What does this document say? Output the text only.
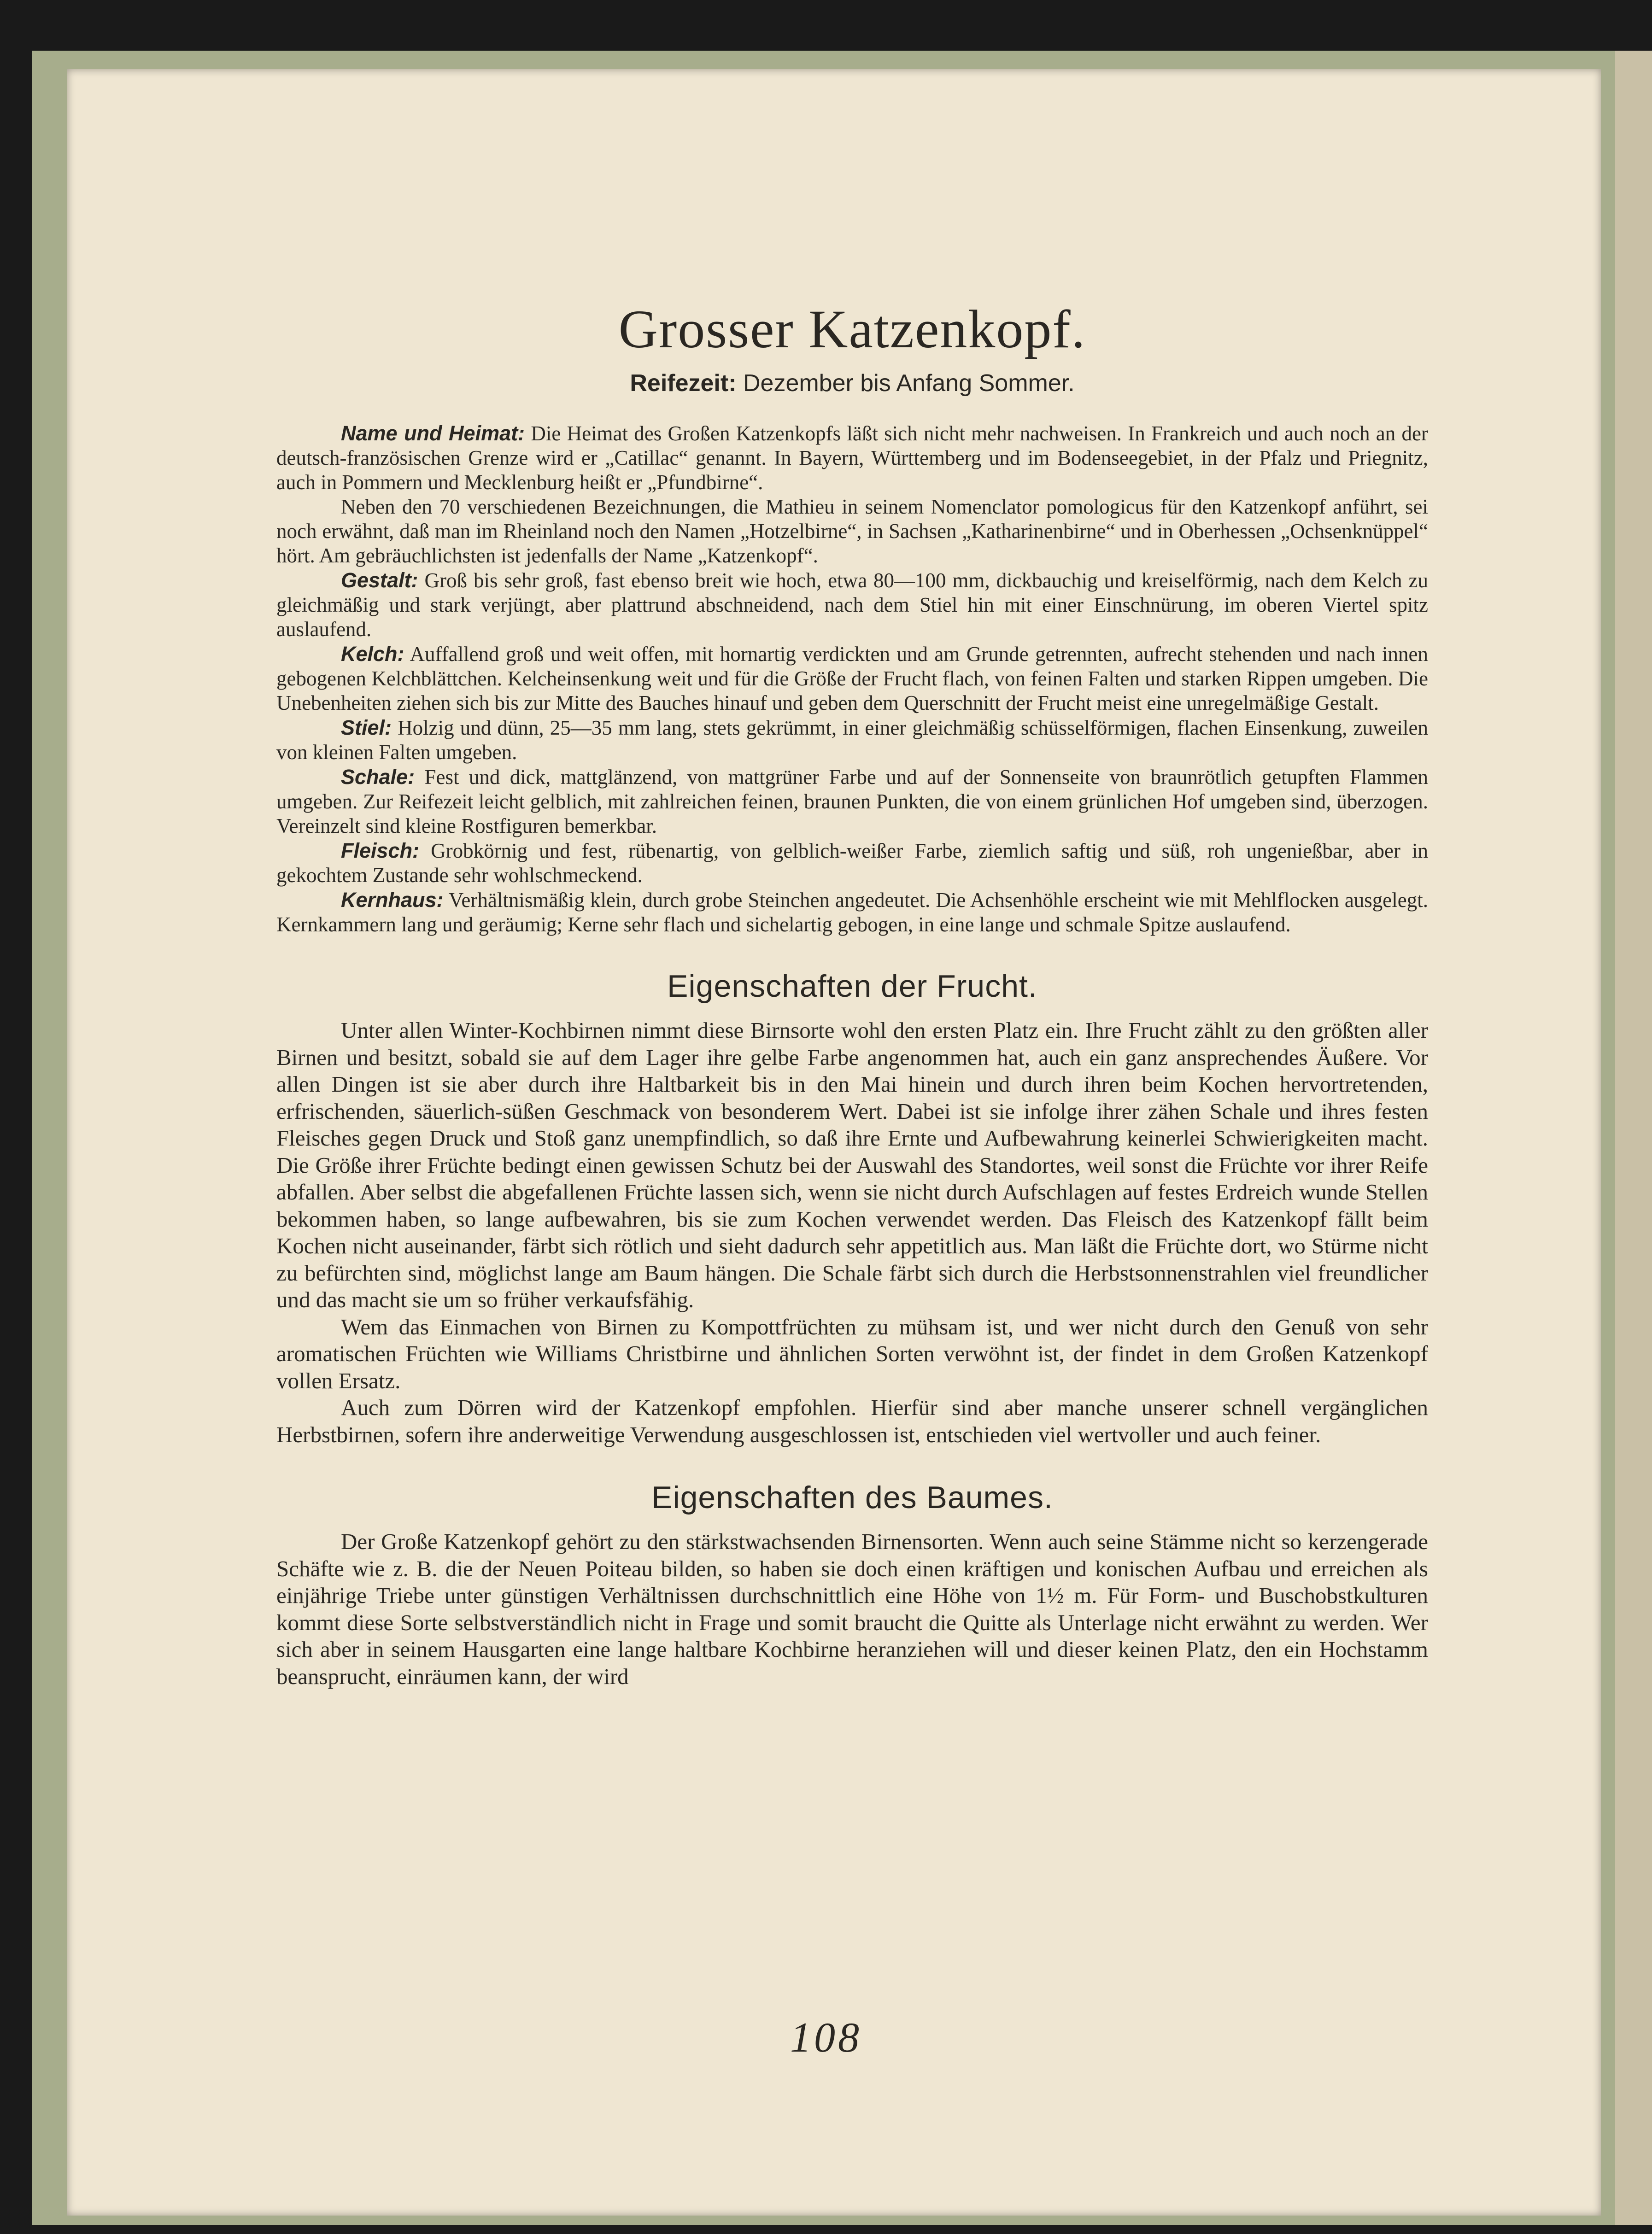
Grosser Katzenkopf.
Reifezeit: Dezember bis Anfang Sommer.

Name und Heimat: Die Heimat des Großen Katzenkopfs läßt sich nicht mehr nachweisen. In Frankreich und auch noch an der deutsch-französischen Grenze wird er „Catillac“ genannt. In Bayern, Württemberg und im Bodenseegebiet, in der Pfalz und Priegnitz, auch in Pommern und Mecklenburg heißt er „Pfundbirne“.

Neben den 70 verschiedenen Bezeichnungen, die Mathieu in seinem Nomenclator pomologicus für den Katzenkopf anführt, sei noch erwähnt, daß man im Rheinland noch den Namen „Hotzelbirne“, in Sachsen „Katharinenbirne“ und in Oberhessen „Ochsenknüppel“ hört. Am gebräuchlichsten ist jedenfalls der Name „Katzenkopf“.

Gestalt: Groß bis sehr groß, fast ebenso breit wie hoch, etwa 80—100 mm, dickbauchig und kreiselförmig, nach dem Kelch zu gleichmäßig und stark verjüngt, aber plattrund abschneidend, nach dem Stiel hin mit einer Einschnürung, im oberen Viertel spitz auslaufend.

Kelch: Auffallend groß und weit offen, mit hornartig verdickten und am Grunde getrennten, aufrecht stehenden und nach innen gebogenen Kelchblättchen. Kelcheinsenkung weit und für die Größe der Frucht flach, von feinen Falten und starken Rippen umgeben. Die Unebenheiten ziehen sich bis zur Mitte des Bauches hinauf und geben dem Querschnitt der Frucht meist eine unregelmäßige Gestalt.

Stiel: Holzig und dünn, 25—35 mm lang, stets gekrümmt, in einer gleichmäßig schüsselförmigen, flachen Einsenkung, zuweilen von kleinen Falten umgeben.

Schale: Fest und dick, mattglänzend, von mattgrüner Farbe und auf der Sonnenseite von braunrötlich getupften Flammen umgeben. Zur Reifezeit leicht gelblich, mit zahlreichen feinen, braunen Punkten, die von einem grünlichen Hof umgeben sind, überzogen. Vereinzelt sind kleine Rostfiguren bemerkbar.

Fleisch: Grobkörnig und fest, rübenartig, von gelblich-weißer Farbe, ziemlich saftig und süß, roh ungenießbar, aber in gekochtem Zustande sehr wohlschmeckend.

Kernhaus: Verhältnismäßig klein, durch grobe Steinchen angedeutet. Die Achsenhöhle erscheint wie mit Mehlflocken ausgelegt. Kernkammern lang und geräumig; Kerne sehr flach und sichelartig gebogen, in eine lange und schmale Spitze auslaufend.

Eigenschaften der Frucht.

Unter allen Winter-Kochbirnen nimmt diese Birnsorte wohl den ersten Platz ein. Ihre Frucht zählt zu den größten aller Birnen und besitzt, sobald sie auf dem Lager ihre gelbe Farbe angenommen hat, auch ein ganz ansprechendes Äußere. Vor allen Dingen ist sie aber durch ihre Haltbarkeit bis in den Mai hinein und durch ihren beim Kochen hervortretenden, erfrischenden, säuerlich-süßen Geschmack von besonderem Wert. Dabei ist sie infolge ihrer zähen Schale und ihres festen Fleisches gegen Druck und Stoß ganz unempfindlich, so daß ihre Ernte und Aufbewahrung keinerlei Schwierigkeiten macht. Die Größe ihrer Früchte bedingt einen gewissen Schutz bei der Auswahl des Standortes, weil sonst die Früchte vor ihrer Reife abfallen. Aber selbst die abgefallenen Früchte lassen sich, wenn sie nicht durch Aufschlagen auf festes Erdreich wunde Stellen bekommen haben, so lange aufbewahren, bis sie zum Kochen verwendet werden. Das Fleisch des Katzenkopf fällt beim Kochen nicht auseinander, färbt sich rötlich und sieht dadurch sehr appetitlich aus. Man läßt die Früchte dort, wo Stürme nicht zu befürchten sind, möglichst lange am Baum hängen. Die Schale färbt sich durch die Herbstsonnenstrahlen viel freundlicher und das macht sie um so früher verkaufsfähig.

Wem das Einmachen von Birnen zu Kompottfrüchten zu mühsam ist, und wer nicht durch den Genuß von sehr aromatischen Früchten wie Williams Christbirne und ähnlichen Sorten verwöhnt ist, der findet in dem Großen Katzenkopf vollen Ersatz.

Auch zum Dörren wird der Katzenkopf empfohlen. Hierfür sind aber manche unserer schnell vergänglichen Herbstbirnen, sofern ihre anderweitige Verwendung ausgeschlossen ist, entschieden viel wertvoller und auch feiner.

Eigenschaften des Baumes.

Der Große Katzenkopf gehört zu den stärkstwachsenden Birnensorten. Wenn auch seine Stämme nicht so kerzengerade Schäfte wie z. B. die der Neuen Poiteau bilden, so haben sie doch einen kräftigen und konischen Aufbau und erreichen als einjährige Triebe unter günstigen Verhältnissen durchschnittlich eine Höhe von 1½ m. Für Form- und Buschobstkulturen kommt diese Sorte selbstverständlich nicht in Frage und somit braucht die Quitte als Unterlage nicht erwähnt zu werden. Wer sich aber in seinem Hausgarten eine lange haltbare Kochbirne heranziehen will und dieser keinen Platz, den ein Hochstamm beansprucht, einräumen kann, der wird

108
